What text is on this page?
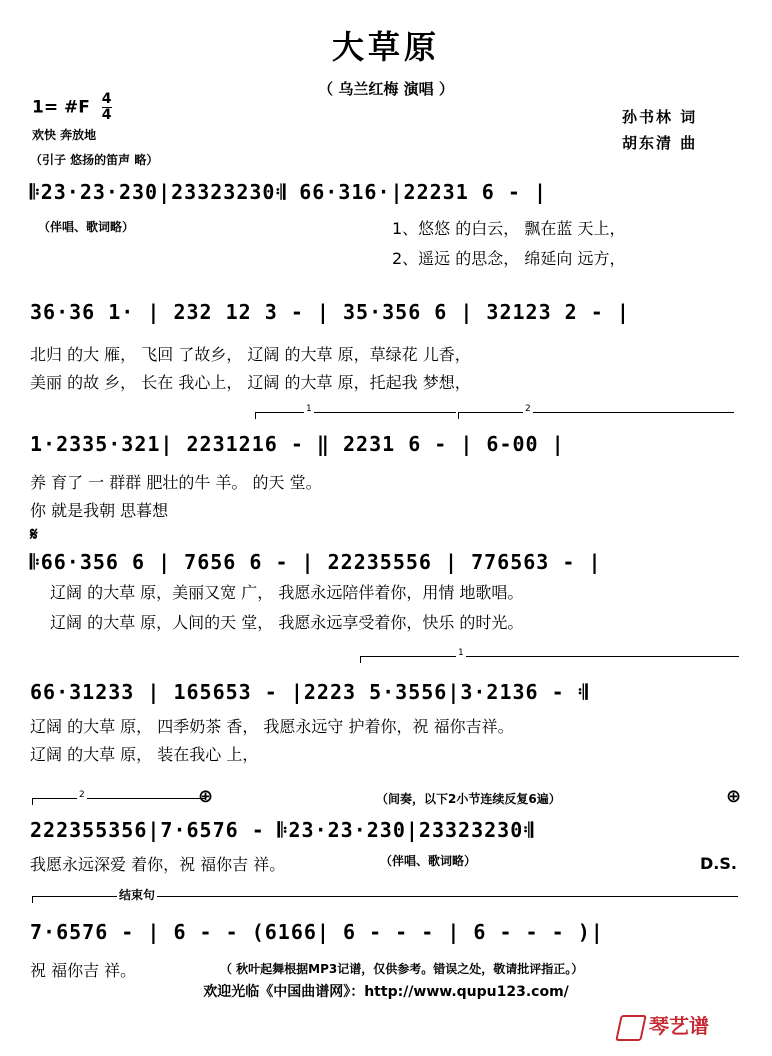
大草原
（ 乌兰红梅 演唱 ）
1= #F $\frac{4}{4}$
欢快 奔放地
（引子 悠扬的笛声 略）
孙书林 词
胡东清 曲
𝄆23·23·230|23323230𝄇 66·316·|22231 6 - |
（伴唱、歌词略）	1、悠悠 的白云， 飘在蓝 天上，
2、遥远 的思念， 绵延向 远方，
36·36 1· | 232 12 3 - | 35·356 6 | 32123 2 - |
北归 的大 雁， 飞回 了故乡， 辽阔 的大草 原，草绿花 儿香，
美丽 的故 乡， 长在 我心上， 辽阔 的大草 原，托起我 梦想，
1	2
1·2335·321| 2231216 - ‖ 2231 6 - | 6-00 |
养 育了 一 群群 肥壮的牛 羊。 的天 堂。
你 就是我朝 思暮想
𝄋
𝄆66·356 6 | 7656 6 - | 22235556 | 776563 - |
辽阔 的大草 原，美丽又宽 广， 我愿永远陪伴着你，用情 地歌唱。
辽阔 的大草 原，人间的天 堂， 我愿永远享受着你，快乐 的时光。
1
66·31233 | 165653 - |2223 5·3556|3·2136 - 𝄇
辽阔 的大草 原， 四季奶茶 香， 我愿永远守 护着你，祝 福你吉祥。
辽阔 的大草 原， 装在我心 上，
2	⊕	⊕
（间奏，以下2小节连续反复6遍）
222355356|7·6576 - 𝄆23·23·230|23323230𝄇
我愿永远深爱 着你，祝 福你吉 祥。	（伴唱、歌词略）	D.S.
结束句
7·6576 - | 6 - - (6166| 6 - - - | 6 - - - )|
祝 福你吉 祥。	（ 秋叶起舞根据MP3记谱，仅供参考。错误之处，敬请批评指正。）
欢迎光临《中国曲谱网》：http://www.qupu123.com/
琴艺谱
